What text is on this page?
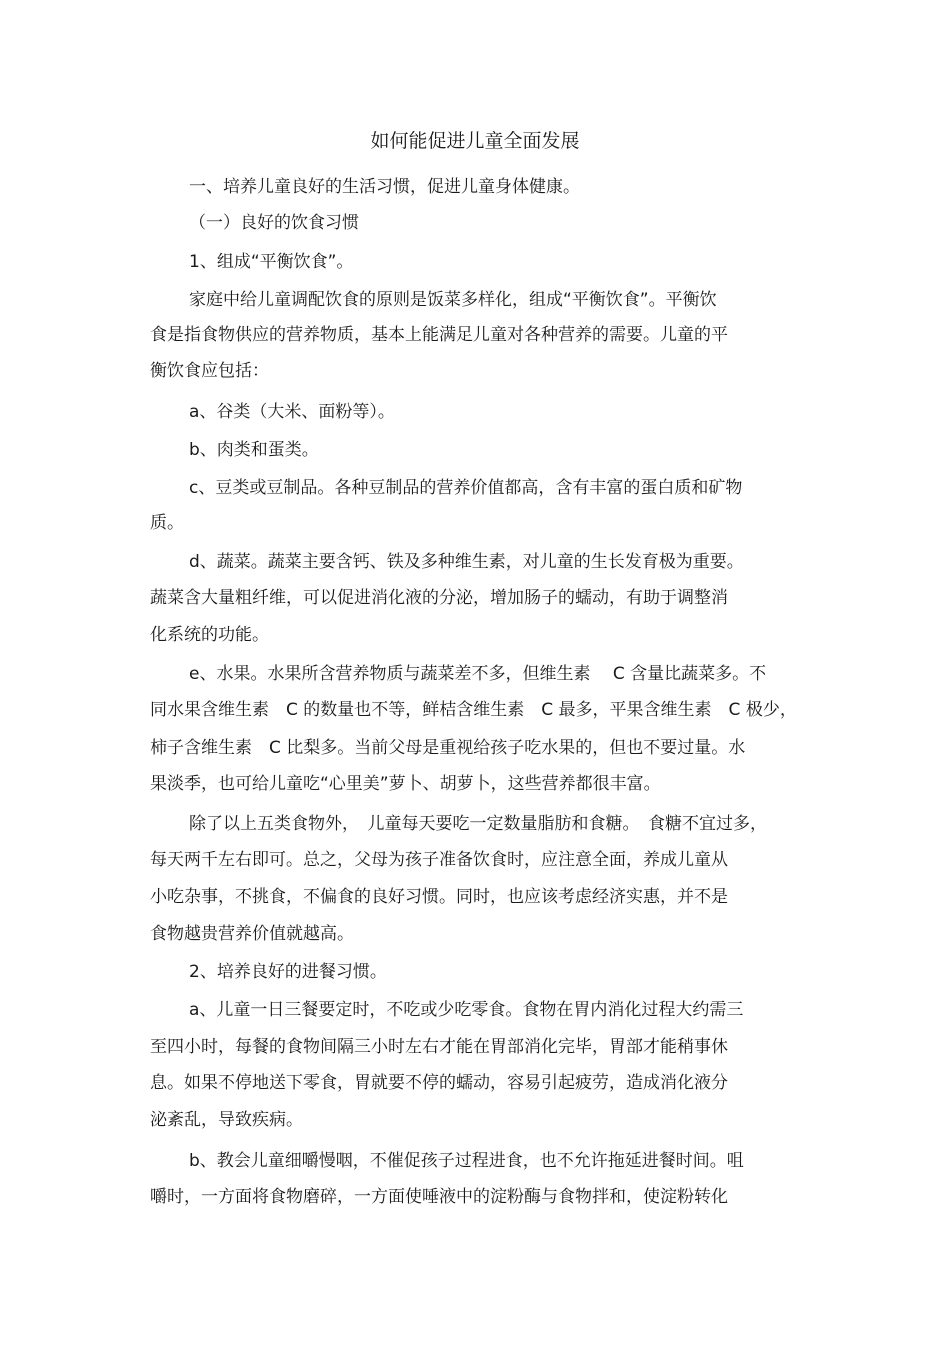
如何能促进儿童全面发展
一、培养儿童良好的生活习惯，促进儿童身体健康。
（一）良好的饮食习惯
1、组成“平衡饮食”。
家庭中给儿童调配饮食的原则是饭菜多样化，组成“平衡饮食”。平衡饮
食是指食物供应的营养物质，基本上能满足儿童对各种营养的需要。儿童的平
衡饮食应包括：
a、谷类（大米、面粉等）。
b、肉类和蛋类。
c、豆类或豆制品。各种豆制品的营养价值都高，含有丰富的蛋白质和矿物
质。
d、蔬菜。蔬菜主要含钙、铁及多种维生素，对儿童的生长发育极为重要。
蔬菜含大量粗纤维，可以促进消化液的分泌，增加肠子的蠕动，有助于调整消
化系统的功能。
e、水果。水果所含营养物质与蔬菜差不多，但维生素　 C 含量比蔬菜多。不
同水果含维生素　C 的数量也不等，鲜桔含维生素　C 最多，平果含维生素　C 极少，
柿子含维生素　C 比梨多。当前父母是重视给孩子吃水果的，但也不要过量。水
果淡季，也可给儿童吃“心里美”萝卜、胡萝卜，这些营养都很丰富。
除了以上五类食物外，　儿童每天要吃一定数量脂肪和食糖。　食糖不宜过多，
每天两千左右即可。总之，父母为孩子准备饮食时，应注意全面，养成儿童从
小吃杂事，不挑食，不偏食的良好习惯。同时，也应该考虑经济实惠，并不是
食物越贵营养价值就越高。
2、培养良好的进餐习惯。
a、儿童一日三餐要定时，不吃或少吃零食。食物在胃内消化过程大约需三
至四小时，每餐的食物间隔三小时左右才能在胃部消化完毕，胃部才能稍事休
息。如果不停地送下零食，胃就要不停的蠕动，容易引起疲劳，造成消化液分
泌紊乱，导致疾病。
b、教会儿童细嚼慢咽，不催促孩子过程进食，也不允许拖延进餐时间。咀
嚼时，一方面将食物磨碎，一方面使唾液中的淀粉酶与食物拌和，使淀粉转化
